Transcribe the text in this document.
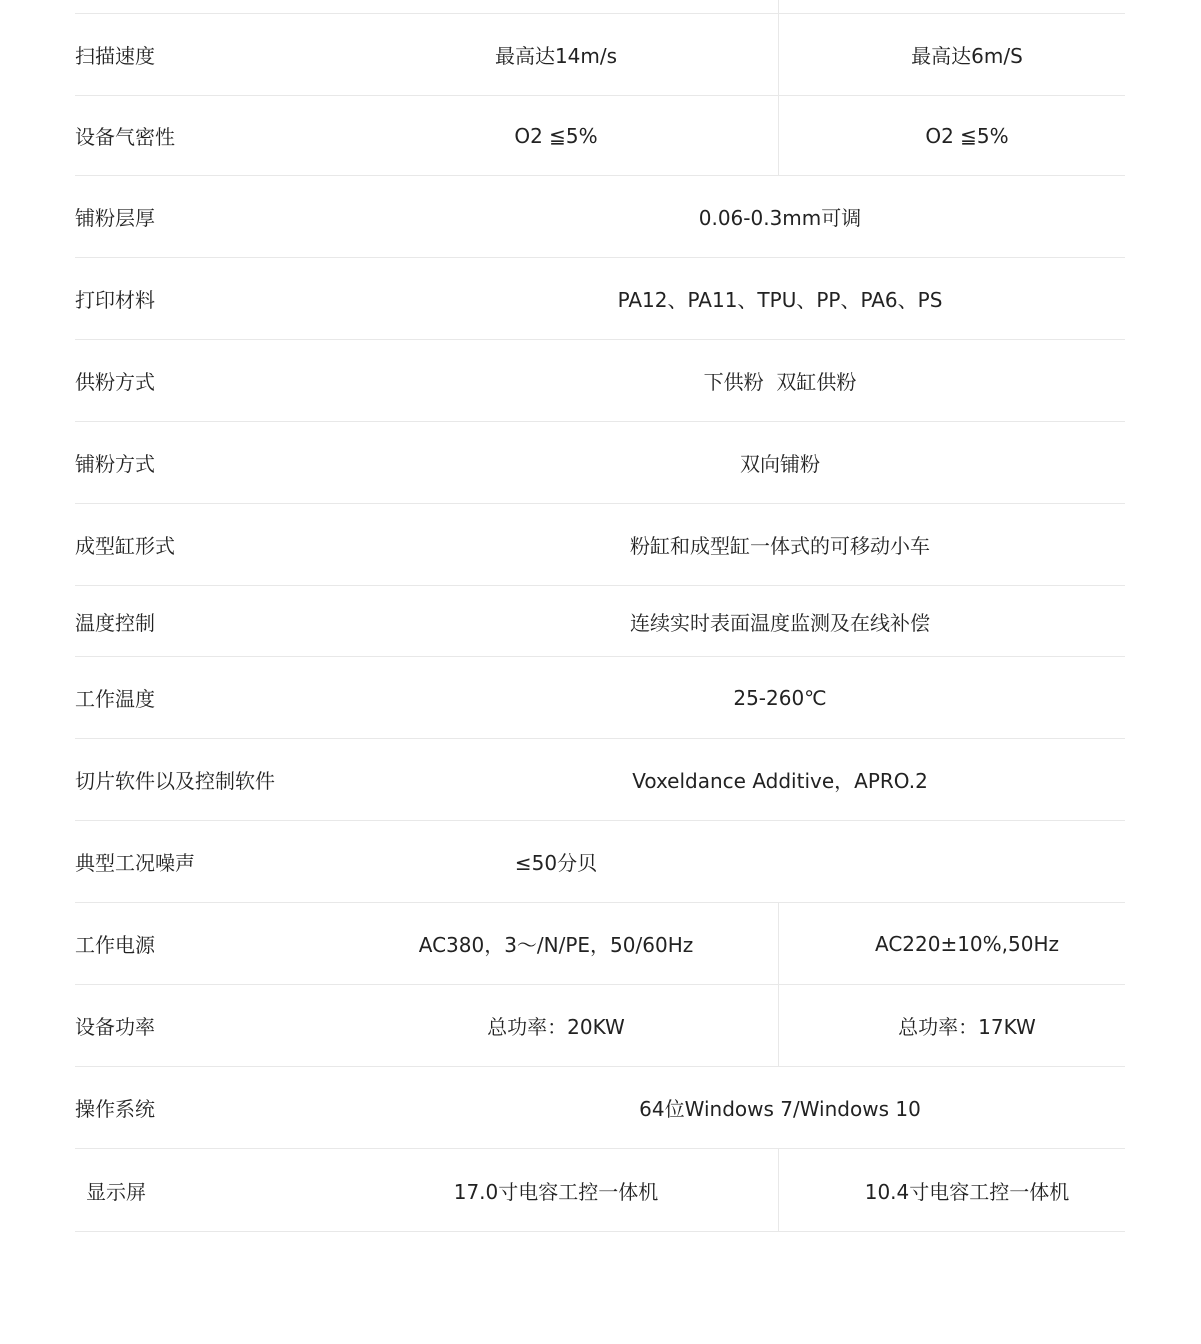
扫描速度	最高达14m/s	最高达6m/S
设备气密性	O2 ≦5%	O2 ≦5%
铺粉层厚	0.06-0.3mm可调
打印材料	PA12、PA11、TPU、PP、PA6、PS
供粉方式	下供粉  双缸供粉
铺粉方式	双向铺粉
成型缸形式	粉缸和成型缸一体式的可移动小车
温度控制	连续实时表面温度监测及在线补偿
工作温度	25-260℃
切片软件以及控制软件	Voxeldance Additive，APRO.2
典型工况噪声	≤50分贝
工作电源	AC380，3～/N/PE，50/60Hz	AC220±10%,50Hz
设备功率	总功率：20KW	总功率：17KW
操作系统	64位Windows 7/Windows 10
显示屏	17.0寸电容工控一体机	10.4寸电容工控一体机
